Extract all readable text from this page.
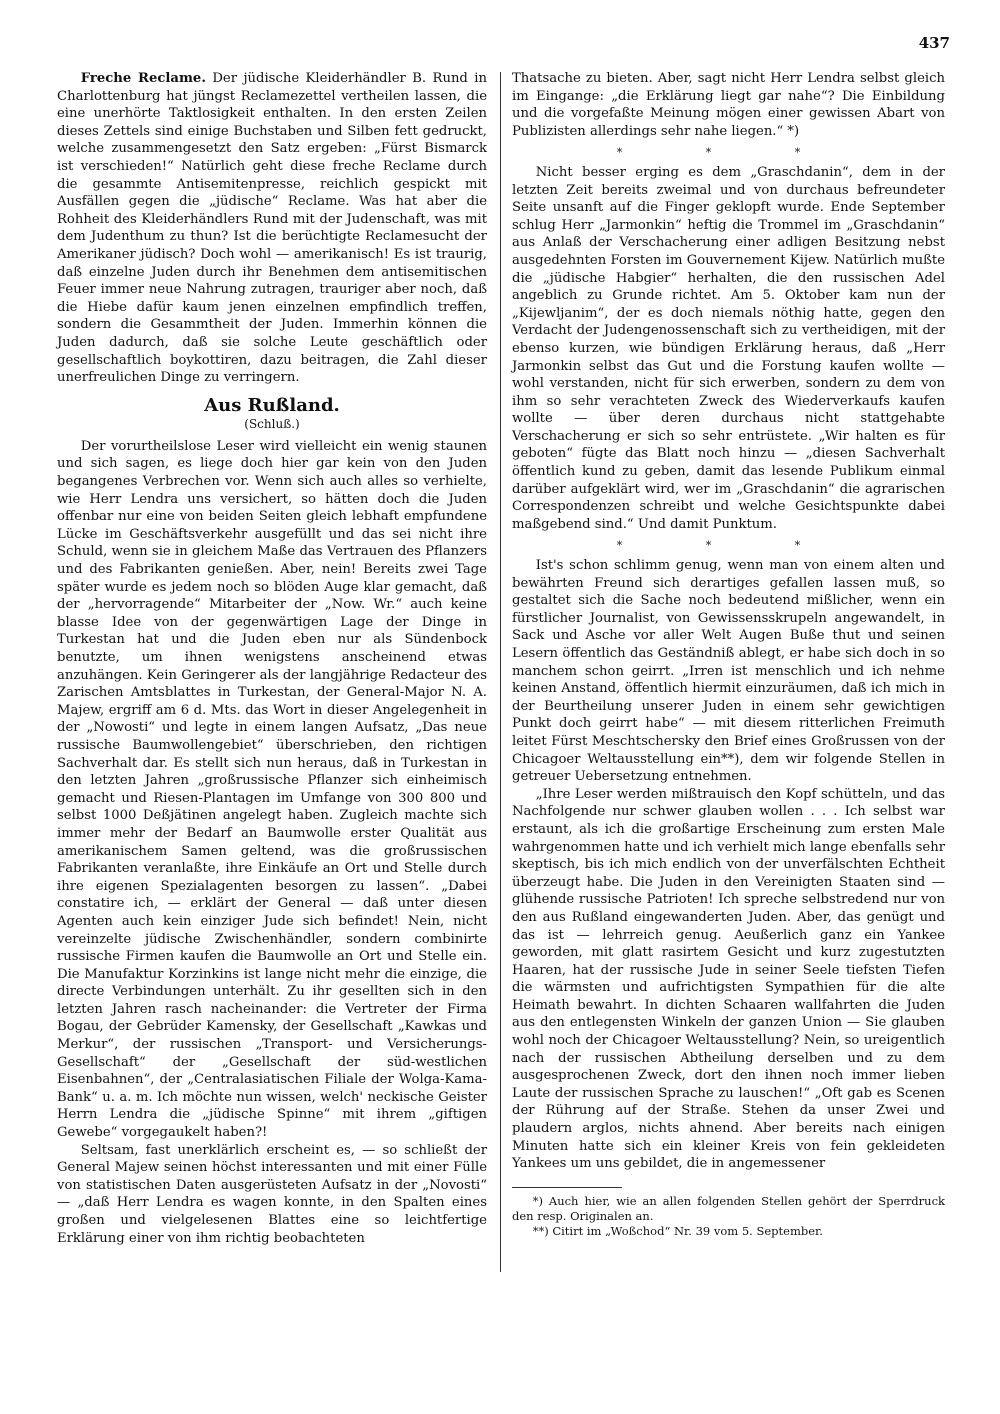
437

Freche Reclame. Der jüdische Kleiderhändler B. Rund in Charlottenburg hat jüngst Reclamezettel vertheilen lassen, die eine unerhörte Taktlosigkeit enthalten. In den ersten Zeilen dieses Zettels sind einige Buchstaben und Silben fett gedruckt, welche zusammengesetzt den Satz ergeben: „Fürst Bismarck ist verschieden!“ Natürlich geht diese freche Reclame durch die gesammte Antisemitenpresse, reichlich gespickt mit Ausfällen gegen die „jüdische“ Reclame. Was hat aber die Rohheit des Kleiderhändlers Rund mit der Judenschaft, was mit dem Judenthum zu thun? Ist die berüchtigte Reclamesucht der Amerikaner jüdisch? Doch wohl — amerikanisch! Es ist traurig, daß einzelne Juden durch ihr Benehmen dem antisemitischen Feuer immer neue Nahrung zutragen, trauriger aber noch, daß die Hiebe dafür kaum jenen einzelnen empfindlich treffen, sondern die Gesammtheit der Juden. Immerhin können die Juden dadurch, daß sie solche Leute geschäftlich oder gesellschaftlich boykottiren, dazu beitragen, die Zahl dieser unerfreulichen Dinge zu verringern.

Aus Rußland.
(Schluß.)

Der vorurtheilslose Leser wird vielleicht ein wenig staunen und sich sagen, es liege doch hier gar kein von den Juden begangenes Verbrechen vor. Wenn sich auch alles so verhielte, wie Herr Lendra uns versichert, so hätten doch die Juden offenbar nur eine von beiden Seiten gleich lebhaft empfundene Lücke im Geschäftsverkehr ausgefüllt und das sei nicht ihre Schuld, wenn sie in gleichem Maße das Vertrauen des Pflanzers und des Fabrikanten genießen. Aber, nein! Bereits zwei Tage später wurde es jedem noch so blöden Auge klar gemacht, daß der „hervorragende“ Mitarbeiter der „Now. Wr.“ auch keine blasse Idee von der gegenwärtigen Lage der Dinge in Turkestan hat und die Juden eben nur als Sündenbock benutzte, um ihnen wenigstens anscheinend etwas anzuhängen. Kein Geringerer als der langjährige Redacteur des Zarischen Amtsblattes in Turkestan, der General-Major N. A. Majew, ergriff am 6 d. Mts. das Wort in dieser Angelegenheit in der „Nowosti“ und legte in einem langen Aufsatz, „Das neue russische Baumwollengebiet“ überschrieben, den richtigen Sachverhalt dar. Es stellt sich nun heraus, daß in Turkestan in den letzten Jahren „großrussische Pflanzer sich einheimisch gemacht und Riesen-Plantagen im Umfange von 300 800 und selbst 1000 Deßjätinen angelegt haben. Zugleich machte sich immer mehr der Bedarf an Baumwolle erster Qualität aus amerikanischem Samen geltend, was die großrussischen Fabrikanten veranlaßte, ihre Einkäufe an Ort und Stelle durch ihre eigenen Spezialagenten besorgen zu lassen“. „Dabei constatire ich, — erklärt der General — daß unter diesen Agenten auch kein einziger Jude sich befindet! Nein, nicht vereinzelte jüdische Zwischenhändler, sondern combinirte russische Firmen kaufen die Baumwolle an Ort und Stelle ein. Die Manufaktur Korzinkins ist lange nicht mehr die einzige, die directe Verbindungen unterhält. Zu ihr gesellten sich in den letzten Jahren rasch nacheinander: die Vertreter der Firma Bogau, der Gebrüder Kamensky, der Gesellschaft „Kawkas und Merkur“, der russischen „Transport- und Versicherungs-Gesellschaft“ der „Gesellschaft der süd-westlichen Eisenbahnen“, der „Centralasiatischen Filiale der Wolga-Kama-Bank“ u. a. m. Ich möchte nun wissen, welch' neckische Geister Herrn Lendra die „jüdische Spinne“ mit ihrem „giftigen Gewebe“ vorgegaukelt haben?!

Seltsam, fast unerklärlich erscheint es, — so schließt der General Majew seinen höchst interessanten und mit einer Fülle von statistischen Daten ausgerüsteten Aufsatz in der „Novosti“ — „daß Herr Lendra es wagen konnte, in den Spalten eines großen und vielgelesenen Blattes eine so leichtfertige Erklärung einer von ihm richtig beobachteten

Thatsache zu bieten. Aber, sagt nicht Herr Lendra selbst gleich im Eingange: „die Erklärung liegt gar nahe“? Die Einbildung und die vorgefaßte Meinung mögen einer gewissen Abart von Publizisten allerdings sehr nahe liegen.“ *)

* * *

Nicht besser erging es dem „Graschdanin“, dem in der letzten Zeit bereits zweimal und von durchaus befreundeter Seite unsanft auf die Finger geklopft wurde. Ende September schlug Herr „Jarmonkin“ heftig die Trommel im „Graschdanin“ aus Anlaß der Verschacherung einer adligen Besitzung nebst ausgedehnten Forsten im Gouvernement Kijew. Natürlich mußte die „jüdische Habgier“ herhalten, die den russischen Adel angeblich zu Grunde richtet. Am 5. Oktober kam nun der „Kijewljanim“, der es doch niemals nöthig hatte, gegen den Verdacht der Judengenossenschaft sich zu vertheidigen, mit der ebenso kurzen, wie bündigen Erklärung heraus, daß „Herr Jarmonkin selbst das Gut und die Forstung kaufen wollte — wohl verstanden, nicht für sich erwerben, sondern zu dem von ihm so sehr verachteten Zweck des Wiederverkaufs kaufen wollte — über deren durchaus nicht stattgehabte Verschacherung er sich so sehr entrüstete. „Wir halten es für geboten“ fügte das Blatt noch hinzu — „diesen Sachverhalt öffentlich kund zu geben, damit das lesende Publikum einmal darüber aufgeklärt wird, wer im „Graschdanin“ die agrarischen Correspondenzen schreibt und welche Gesichtspunkte dabei maßgebend sind.“ Und damit Punktum.

* * *

Ist's schon schlimm genug, wenn man von einem alten und bewährten Freund sich derartiges gefallen lassen muß, so gestaltet sich die Sache noch bedeutend mißlicher, wenn ein fürstlicher Journalist, von Gewissensskrupeln angewandelt, in Sack und Asche vor aller Welt Augen Buße thut und seinen Lesern öffentlich das Geständniß ablegt, er habe sich doch in so manchem schon geirrt. „Irren ist menschlich und ich nehme keinen Anstand, öffentlich hiermit einzuräumen, daß ich mich in der Beurtheilung unserer Juden in einem sehr gewichtigen Punkt doch geirrt habe“ — mit diesem ritterlichen Freimuth leitet Fürst Meschtschersky den Brief eines Großrussen von der Chicagoer Weltausstellung ein**), dem wir folgende Stellen in getreuer Uebersetzung entnehmen.

„Ihre Leser werden mißtrauisch den Kopf schütteln, und das Nachfolgende nur schwer glauben wollen . . . Ich selbst war erstaunt, als ich die großartige Erscheinung zum ersten Male wahrgenommen hatte und ich verhielt mich lange ebenfalls sehr skeptisch, bis ich mich endlich von der unverfälschten Echtheit überzeugt habe. Die Juden in den Vereinigten Staaten sind — glühende russische Patrioten! Ich spreche selbstredend nur von den aus Rußland eingewanderten Juden. Aber, das genügt und das ist — lehrreich genug. Aeußerlich ganz ein Yankee geworden, mit glatt rasirtem Gesicht und kurz zugestutzten Haaren, hat der russische Jude in seiner Seele tiefsten Tiefen die wärmsten und aufrichtigsten Sympathien für die alte Heimath bewahrt. In dichten Schaaren wallfahrten die Juden aus den entlegensten Winkeln der ganzen Union — Sie glauben wohl noch der Chicagoer Weltausstellung? Nein, so ureigentlich nach der russischen Abtheilung derselben und zu dem ausgesprochenen Zweck, dort den ihnen noch immer lieben Laute der russischen Sprache zu lauschen!“ „Oft gab es Scenen der Rührung auf der Straße. Stehen da unser Zwei und plaudern arglos, nichts ahnend. Aber bereits nach einigen Minuten hatte sich ein kleiner Kreis von fein gekleideten Yankees um uns gebildet, die in angemessener

*) Auch hier, wie an allen folgenden Stellen gehört der Sperrdruck den resp. Originalen an.

**) Citirt im „Woßchod“ Nr. 39 vom 5. September.
